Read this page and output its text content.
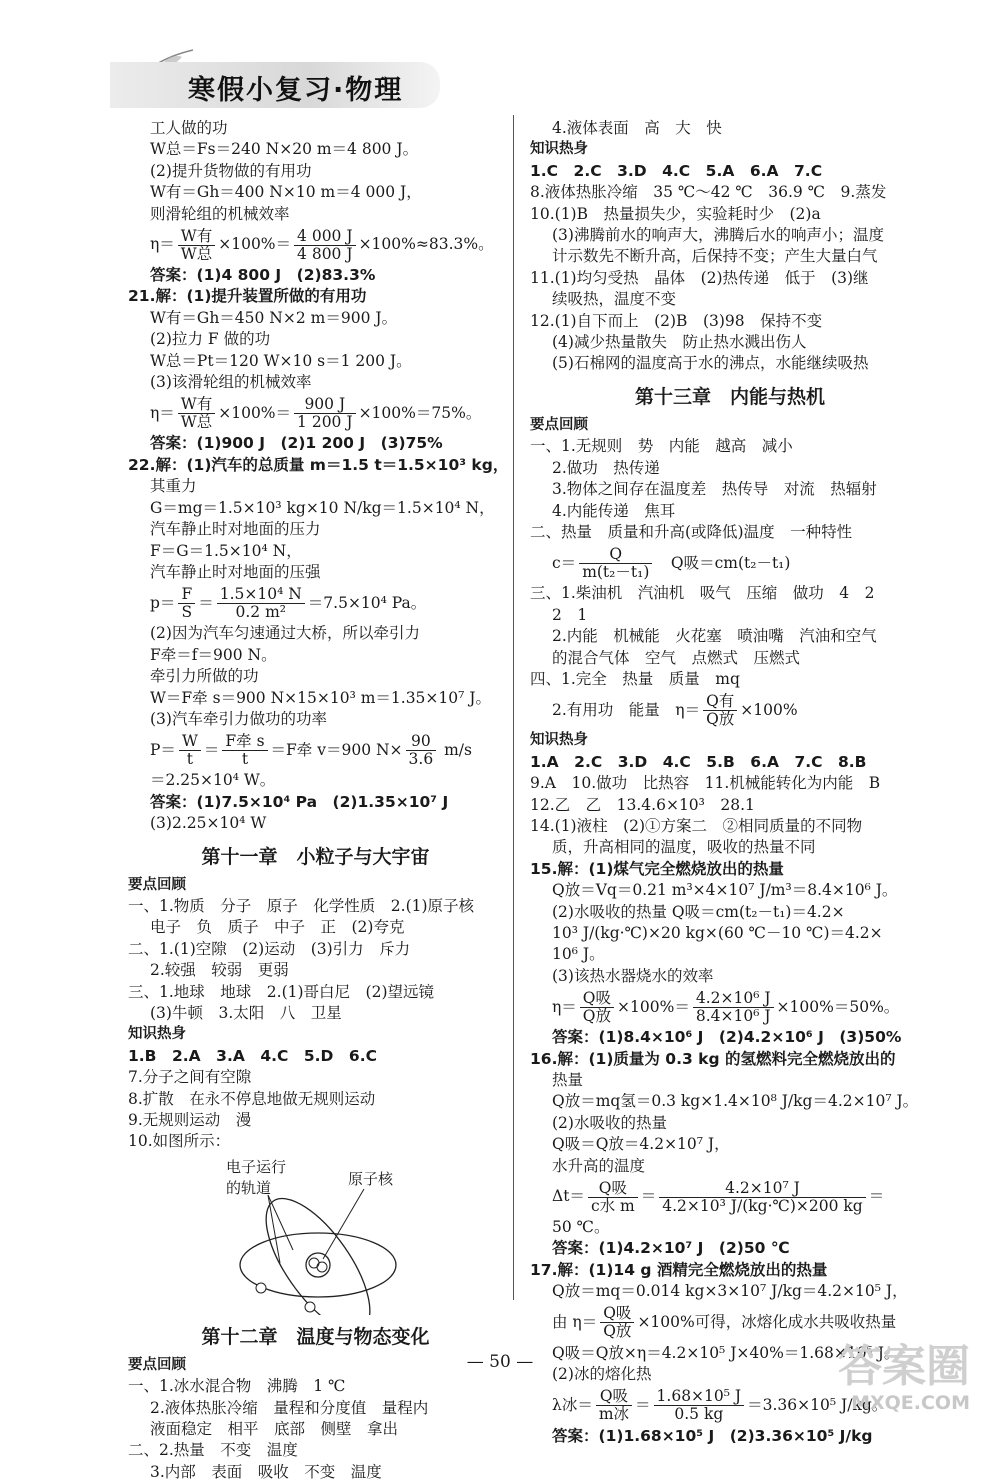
寒假小复习·物理
工人做的功
W总＝Fs＝240 N×20 m＝4 800 J。
(2)提升货物做的有用功
W有＝Gh＝400 N×10 m＝4 000 J，
则滑轮组的机械效率
$\eta= \frac{\text{W有}}{\text{W总}} \times 100\%= \frac{4 000 J}{4 800 J} \times 100\%\approx 83.3\%$。
答案：(1)4 800 J　(2)83.3%
21.解：(1)提升装置所做的有用功
W有＝Gh＝450 N×2 m＝900 J。
(2)拉力 F 做的功
W总＝Pt＝120 W×10 s＝1 200 J。
(3)该滑轮组的机械效率
$\eta= \frac{\text{W有}}{\text{W总}} \times 100\%= \frac{900 J}{1 200 J} \times 100\%=75\%$。
答案：(1)900 J　(2)1 200 J　(3)75%
22.解：(1)汽车的总质量 m＝1.5 t＝1.5×10³ kg，
其重力
G＝mg＝1.5×10³ kg×10 N/kg＝1.5×10⁴ N，
汽车静止时对地面的压力
F＝G＝1.5×10⁴ N，
汽车静止时对地面的压强
$p= \frac{F}{S} = \frac{\text{1.5×10⁴ N}}{\text{0.2 m²}} =7.5\times 10^4$ Pa。
(2)因为汽车匀速通过大桥，所以牵引力
F牵＝f＝900 N。
牵引力所做的功
W＝F牵 s＝900 N×15×10³ m＝1.35×10⁷ J。
(3)汽车牵引力做功的功率
$P= \frac{W}{t} = \frac{\text{F牵 s}}{t} =F$牵 v＝900 $N\times \frac{90}{3.6} m/s$
＝2.25×10⁴ W。
答案：(1)7.5×10⁴ Pa　(2)1.35×10⁷ J
(3)2.25×10⁴ W
第十一章　小粒子与大宇宙
要点回顾
一、1.物质　分子　原子　化学性质　2.(1)原子核
电子　负　质子　中子　正　(2)夸克
二、1.(1)空隙　(2)运动　(3)引力　斥力
2.较强　较弱　更弱
三、1.地球　地球　2.(1)哥白尼　(2)望远镜
(3)牛顿　3.太阳　八　卫星
知识热身
1.B　2.A　3.A　4.C　5.D　6.C
7.分子之间有空隙
8.扩散　在永不停息地做无规则运动
9.无规则运动　漫
10.如图所示：
电子运行
的轨道	原子核
第十二章　温度与物态变化
要点回顾
一、1.冰水混合物　沸腾　1 ℃
2.液体热胀冷缩　量程和分度值　量程内
液面稳定　相平　底部　侧壁　拿出
二、2.热量　不变　温度
3.内部　表面　吸收　不变　温度
4.液体表面　高　大　快
知识热身
1.C　2.C　3.D　4.C　5.A　6.A　7.C
8.液体热胀冷缩　35 ℃～42 ℃　36.9 ℃　9.蒸发
10.(1)B　热量损失少，实验耗时少　(2)a
(3)沸腾前水的响声大，沸腾后水的响声小；温度
计示数先不断升高，后保持不变；产生大量白气
11.(1)均匀受热　晶体　(2)热传递　低于　(3)继
续吸热，温度不变
12.(1)自下而上　(2)B　(3)98　保持不变
(4)减少热量散失　防止热水溅出伤人
(5)石棉网的温度高于水的沸点，水能继续吸热
第十三章　内能与热机
要点回顾
一、1.无规则　势　内能　越高　减小
2.做功　热传递
3.物体之间存在温度差　热传导　对流　热辐射
4.内能传递　焦耳
二、热量　质量和升高(或降低)温度　一种特性
$c= \frac{Q}{\text{m(t₂－t₁)}}$ 　Q吸＝cm(t₂－t₁)
三、1.柴油机　汽油机　吸气　压缩　做功　4　2
2　1
2.内能　机械能　火花塞　喷油嘴　汽油和空气
的混合气体　空气　点燃式　压燃式
四、1.完全　热量　质量　mq
2.有用功　能量　$\eta= \frac{\text{Q有}}{\text{Q放}} \times 100\%$
知识热身
1.A　2.C　3.D　4.C　5.B　6.A　7.C　8.B
9.A　10.做功　比热容　11.机械能转化为内能　B
12.乙　乙　13.4.6×10³　28.1
14.(1)液柱　(2)①方案二　②相同质量的不同物
质，升高相同的温度，吸收的热量不同
15.解：(1)煤气完全燃烧放出的热量
Q放＝Vq＝0.21 m³×4×10⁷ J/m³＝8.4×10⁶ J。
(2)水吸收的热量 Q吸＝cm(t₂－t₁)＝4.2×
10³ J/(kg·℃)×20 kg×(60 ℃－10 ℃)＝4.2×
10⁶ J。
(3)该热水器烧水的效率
$\eta= \frac{\text{Q吸}}{\text{Q放}} \times 100\%= \frac{\text{4.2×10⁶ J}}{\text{8.4×10⁶ J}} \times 100\%=50\%$。
答案：(1)8.4×10⁶ J　(2)4.2×10⁶ J　(3)50%
16.解：(1)质量为 0.3 kg 的氢燃料完全燃烧放出的
热量
Q放＝mq氢＝0.3 kg×1.4×10⁸ J/kg＝4.2×10⁷ J。
(2)水吸收的热量
Q吸＝Q放＝4.2×10⁷ J，
水升高的温度
$\Delta t= \frac{\text{Q吸}}{\text{c水 m}} = \frac{\text{4.2×10⁷ J}}{\text{4.2×10³ J/(kg·℃)×200 kg}}$ ＝
50 ℃。
答案：(1)4.2×10⁷ J　(2)50 ℃
17.解：(1)14 g 酒精完全燃烧放出的热量
Q放＝mq＝0.014 kg×3×10⁷ J/kg＝4.2×10⁵ J，
由 $\eta= \frac{\text{Q吸}}{\text{Q放}} \times 100\%$可得，冰熔化成水共吸收热量
Q吸＝Q放×η＝4.2×10⁵ J×40%＝1.68×10⁵ J。
(2)冰的熔化热
λ冰＝ $\frac{\text{Q吸}}{\text{m冰}} = \frac{\text{1.68×10⁵ J}}{0.5 kg} =3.36\times 10^5$ J/kg。
答案：(1)1.68×10⁵ J　(2)3.36×10⁵ J/kg
— 50 —	答案圈
MXQE.COM
